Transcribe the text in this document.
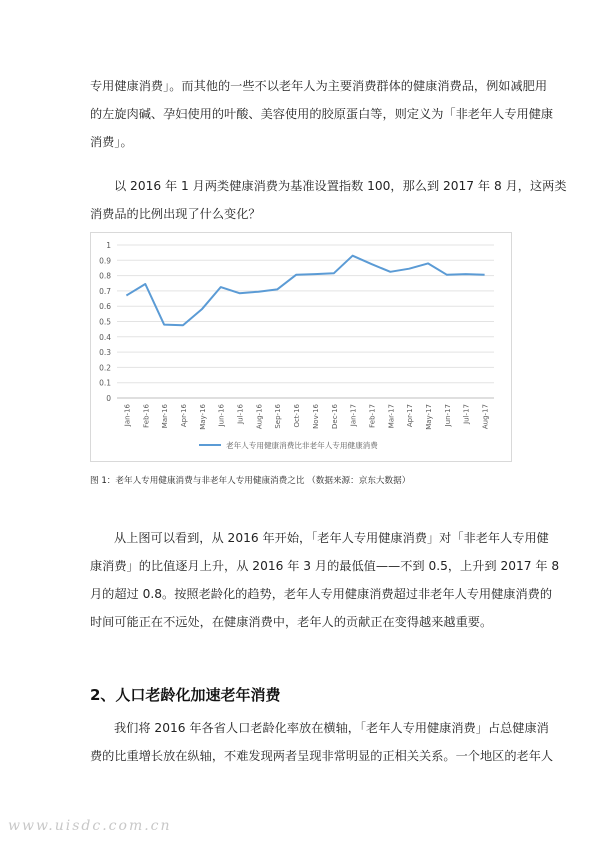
专用健康消费」。而其他的一些不以老年人为主要消费群体的健康消费品，例如减肥用
的左旋肉碱、孕妇使用的叶酸、美容使用的胶原蛋白等，则定义为「非老年人专用健康
消费」。

以 2016 年 1 月两类健康消费为基准设置指数 100，那么到 2017 年 8 月，这两类
消费品的比例出现了什么变化？

0
0.1
0.2
0.3
0.4
0.5
0.6
0.7
0.8
0.9
1
Jan-16 Feb-16 Mar-16 Apr-16 May-16 Jun-16 Jul-16 Aug-16 Sep-16 Oct-16 Nov-16 Dec-16 Jan-17 Feb-17 Mar-17 Apr-17 May-17 Jun-17 Jul-17 Aug-17
老年人专用健康消费比非老年人专用健康消费
图 1：老年人专用健康消费与非老年人专用健康消费之比 （数据来源：京东大数据）

从上图可以看到，从 2016 年开始，「老年人专用健康消费」对「非老年人专用健
康消费」的比值逐月上升，从 2016 年 3 月的最低值——不到 0.5，上升到 2017 年 8
月的超过 0.8。按照老龄化的趋势，老年人专用健康消费超过非老年人专用健康消费的
时间可能正在不远处，在健康消费中，老年人的贡献正在变得越来越重要。

2、人口老龄化加速老年消费

我们将 2016 年各省人口老龄化率放在横轴，「老年人专用健康消费」占总健康消
费的比重增长放在纵轴，不难发现两者呈现非常明显的正相关关系。一个地区的老年人

www.uisdc.com.cn
